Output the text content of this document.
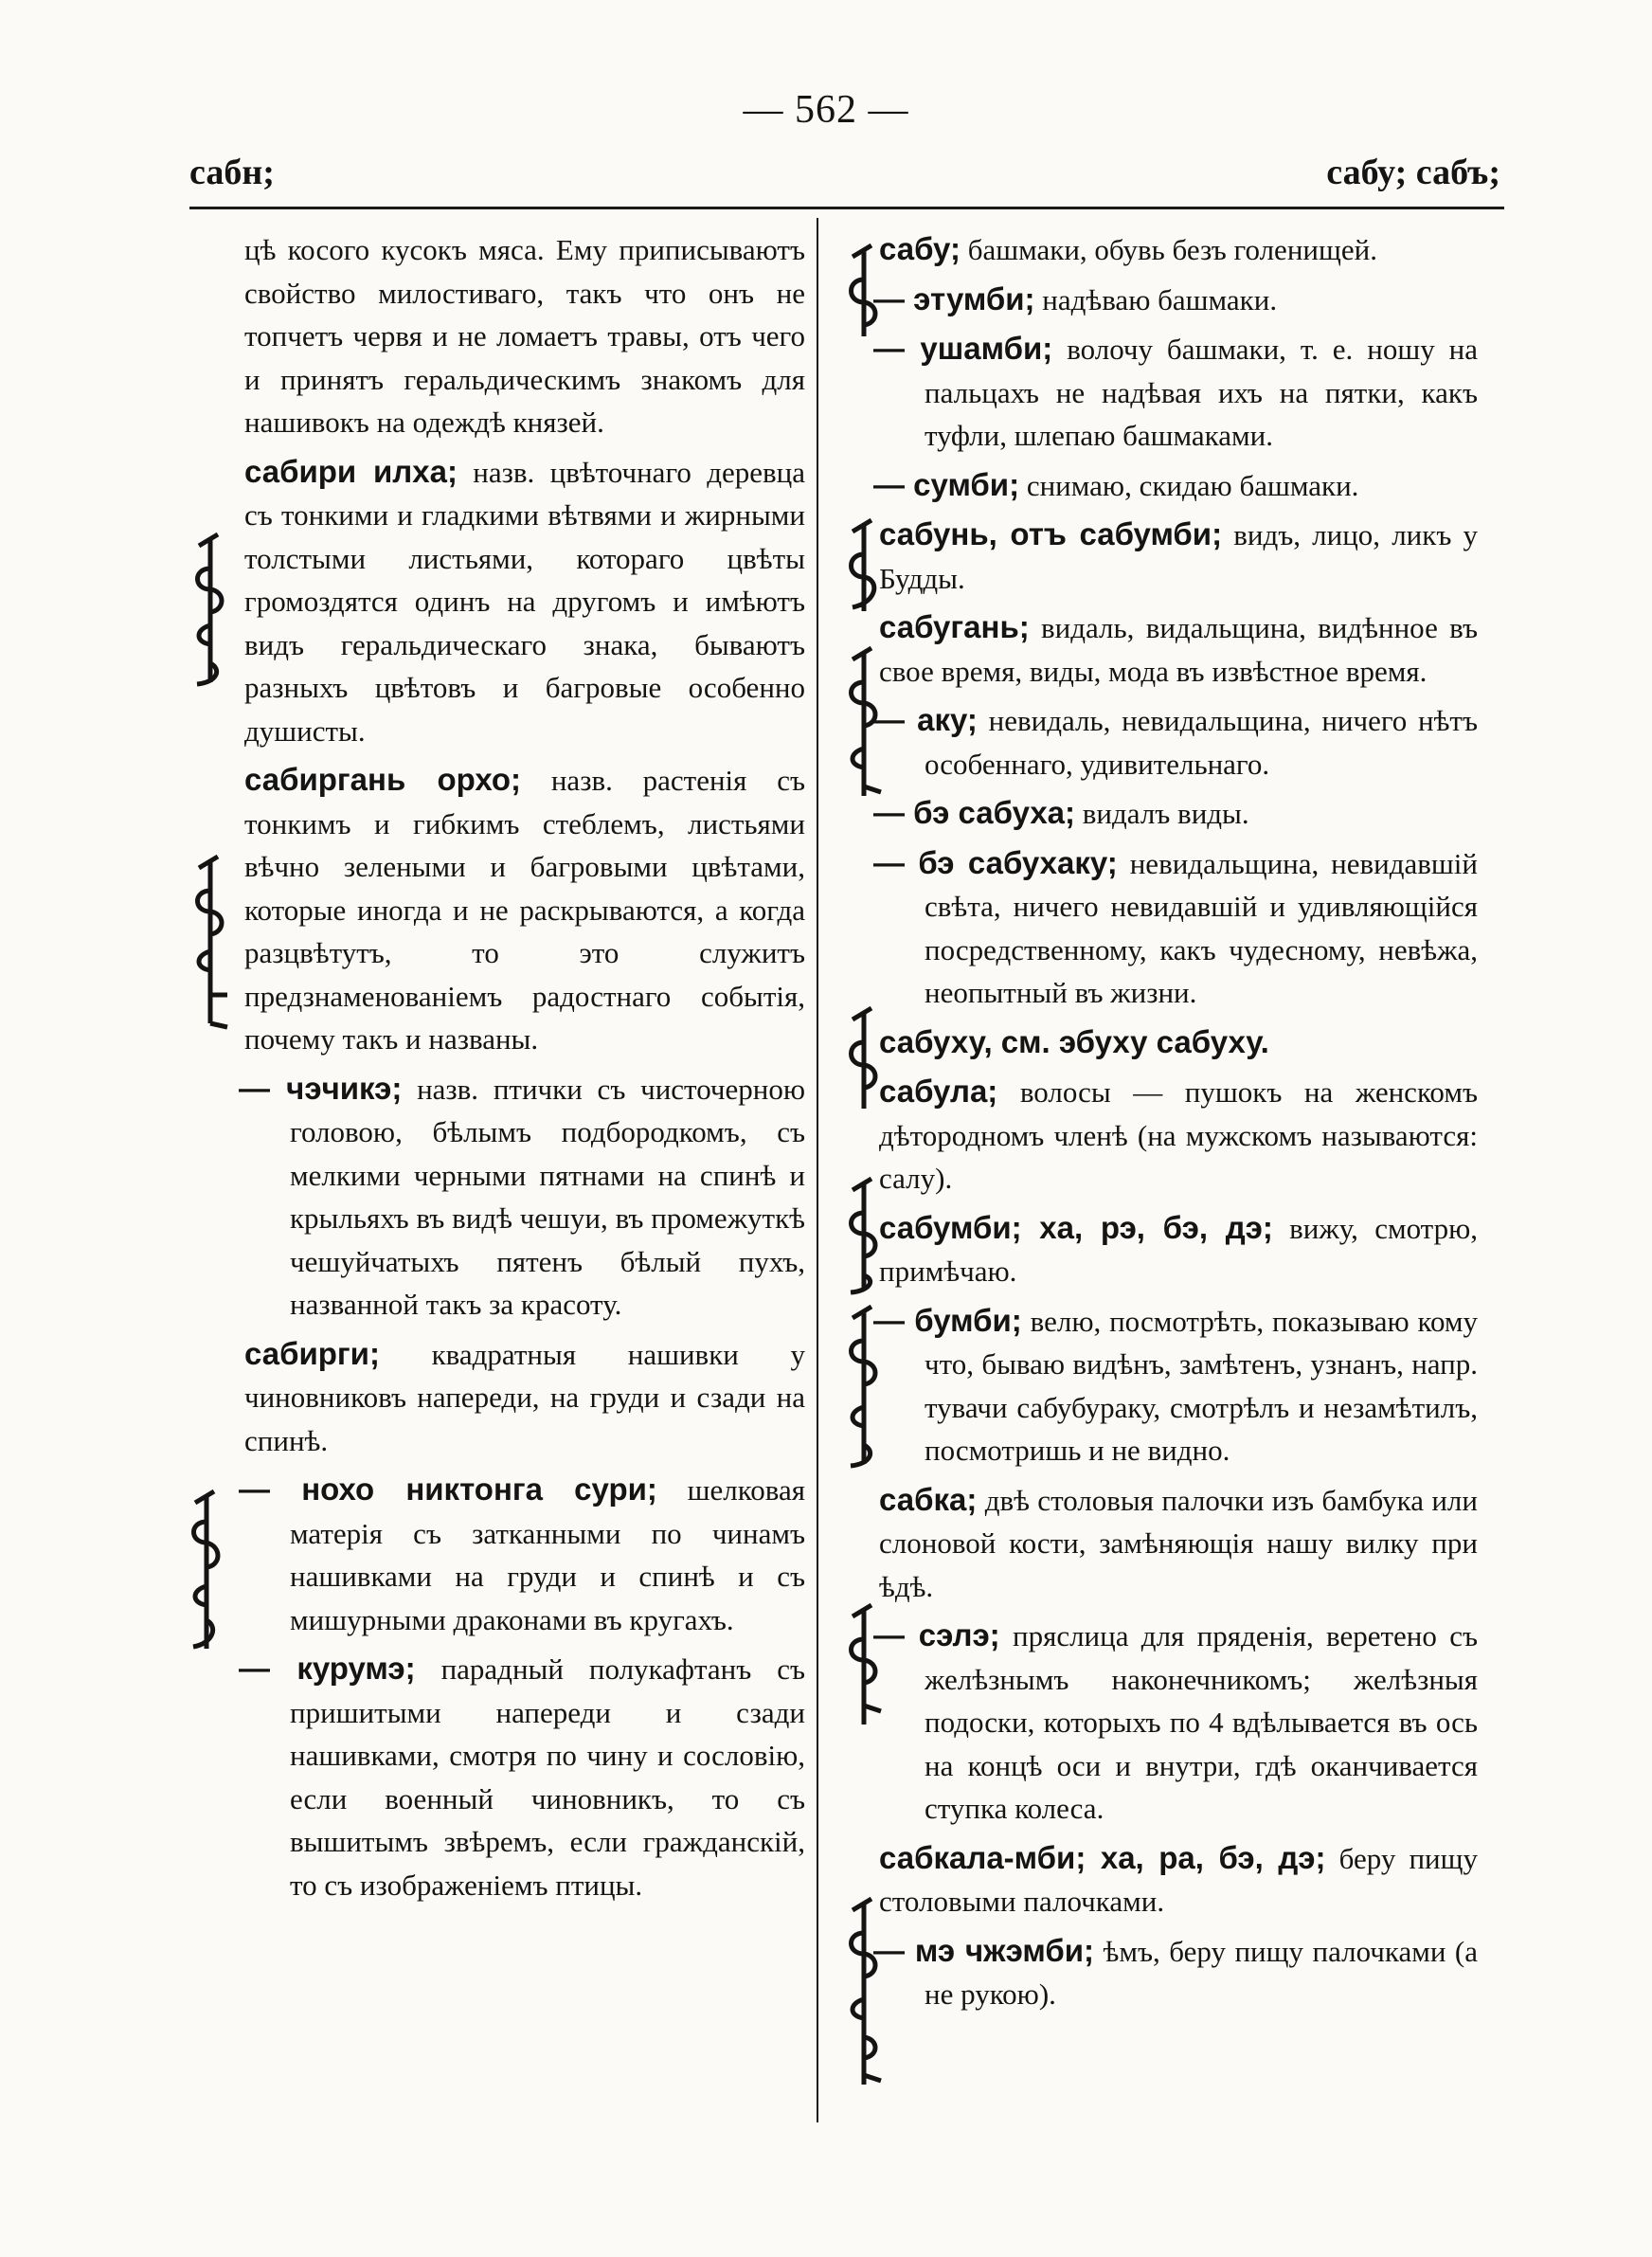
— 562 —
сабн;	сабу; сабъ;

цѣ косого кусокъ мяса. Ему приписываютъ свойство милостиваго, такъ что онъ не топчетъ червя и не ломаетъ травы, отъ чего и принятъ геральдическимъ знакомъ для нашивокъ на одеждѣ князей.

сабири илха; назв. цвѣточнаго дерeвца съ тонкими и гладкими вѣтвями и жирными толстыми листьями, котораго цвѣты громоздятся одинъ на другомъ и имѣютъ видъ геральдическаго знака, бываютъ разныхъ цвѣтовъ и багровые особенно душисты.

сабиргань орхо; назв. растенія съ тонкимъ и гибкимъ стеблемъ, листьями вѣчно зелеными и багровыми цвѣтами, которые иногда и не раскрываются, а когда разцвѣтутъ, то это служитъ предзнаменованіемъ радостнаго событія, почему такъ и названы.

— чэчикэ; назв. птички съ чисточерною головою, бѣлымъ подбородкомъ, съ мелкими черными пятнами на спинѣ и крыльяхъ въ видѣ чешуи, въ промежуткѣ чешуйчатыхъ пятенъ бѣлый пухъ, названной такъ за красоту.

сабирги; квадратныя нашивки у чиновниковъ напереди, на груди и сзади на спинѣ.

— нохо никтонга сури; шелковая матерія съ затканными по чинамъ нашивками на груди и спинѣ и съ мишурными драконами въ кругахъ.

— курумэ; парадный полукафтанъ съ пришитыми напереди и сзади нашивками, смотря по чину и сословію, если военный чиновникъ, то съ вышитымъ звѣремъ, если гражданскій, то съ изображеніемъ птицы.

сабу; башмаки, обувь безъ голенищей.

— этумби; надѣваю башмаки.

— ушамби; волочу башмаки, т. е. ношу на пальцахъ не надѣвая ихъ на пятки, какъ туфли, шлепаю башмаками.

— сумби; снимаю, скидаю башмаки.

сабунь, отъ сабумби; видъ, лицо, ликъ у Будды.

сабугань; видаль, видальщина, видѣнное въ свое время, виды, мода въ извѣстное время.

— аку; невидаль, невидальщина, ничего нѣтъ особеннаго, удивительнаго.

— бэ сабуха; видалъ виды.

— бэ сабухаку; невидальщина, невидавшій свѣта, ничего невидавшій и удивляющійся посредственному, какъ чудесному, невѣжа, неопытный въ жизни.

сабуху, см. эбуху сабуху.

сабула; волосы — пушокъ на женскомъ дѣтородномъ членѣ (на мужскомъ называются: салу).

сабумби; ха, рэ, бэ, дэ; вижу, смотрю, примѣчаю.

— бумби; велю, посмотрѣть, показываю кому что, бываю видѣнъ, замѣтенъ, узнанъ, напр. тувачи сабубураку, смотрѣлъ и незамѣтилъ, посмотришь и не видно.

сабка; двѣ столовыя палочки изъ бамбука или слоновой кости, замѣняющія нашу вилку при ѣдѣ.

— сэлэ; пряслица для пряденія, веретено съ желѣзнымъ наконечникомъ; желѣзныя подоски, которыхъ по 4 вдѣлывается въ ось на концѣ оси и внутри, гдѣ оканчивается ступка колеса.

сабкала-мби; ха, ра, бэ, дэ; беру пищу столовыми палочками.

— мэ чжэмби; ѣмъ, беру пищу палочками (а не рукою).
